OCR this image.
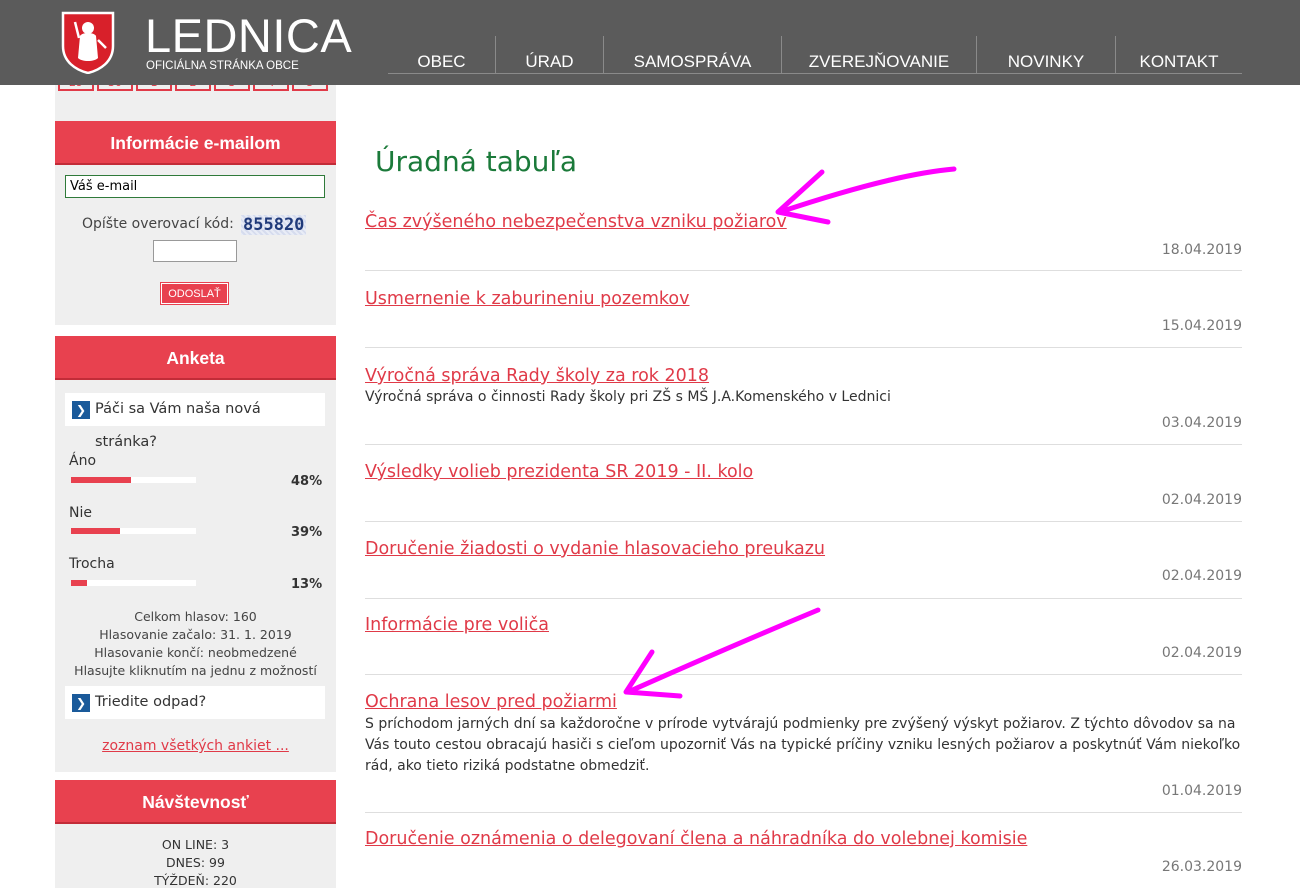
LEDNICA
OFICIÁLNA STRÁNKA OBCE	OBEC	ÚRAD	SAMOSPRÁVA	ZVEREJŇOVANIE	NOVINKY	KONTAKT
Informácie e-mailom
Váš e-mail
Opíšte overovací kód: 855820
ODOSLAŤ
Anketa
❯ Páči sa Vám naša nová stránka?
Áno
48%
Nie
39%
Trocha
13%
Celkom hlasov: 160
Hlasovanie začalo: 31. 1. 2019
Hlasovanie končí: neobmedzené
Hlasujte kliknutím na jednu z možností
❯ Triedite odpad?
zoznam všetkých ankiet ...
Návštevnosť
ON LINE: 3
DNES: 99
TÝŽDEŇ: 220
Úradná tabuľa
Čas zvýšeného nebezpečenstva vzniku požiarov
18.04.2019
Usmernenie k zaburineniu pozemkov
15.04.2019
Výročná správa Rady školy za rok 2018
Výročná správa o činnosti Rady školy pri ZŠ s MŠ J.A.Komenského v Lednici
03.04.2019
Výsledky volieb prezidenta SR 2019 - II. kolo
02.04.2019
Doručenie žiadosti o vydanie hlasovacieho preukazu
02.04.2019
Informácie pre voliča
02.04.2019
Ochrana lesov pred požiarmi
S príchodom jarných dní sa každoročne v prírode vytvárajú podmienky pre zvýšený výskyt požiarov. Z týchto dôvodov sa na Vás touto cestou obracajú hasiči s cieľom upozorniť Vás na typické príčiny vzniku lesných požiarov a poskytnúť Vám niekoľko rád, ako tieto riziká podstatne obmedziť.
01.04.2019
Doručenie oznámenia o delegovaní člena a náhradníka do volebnej komisie
26.03.2019
